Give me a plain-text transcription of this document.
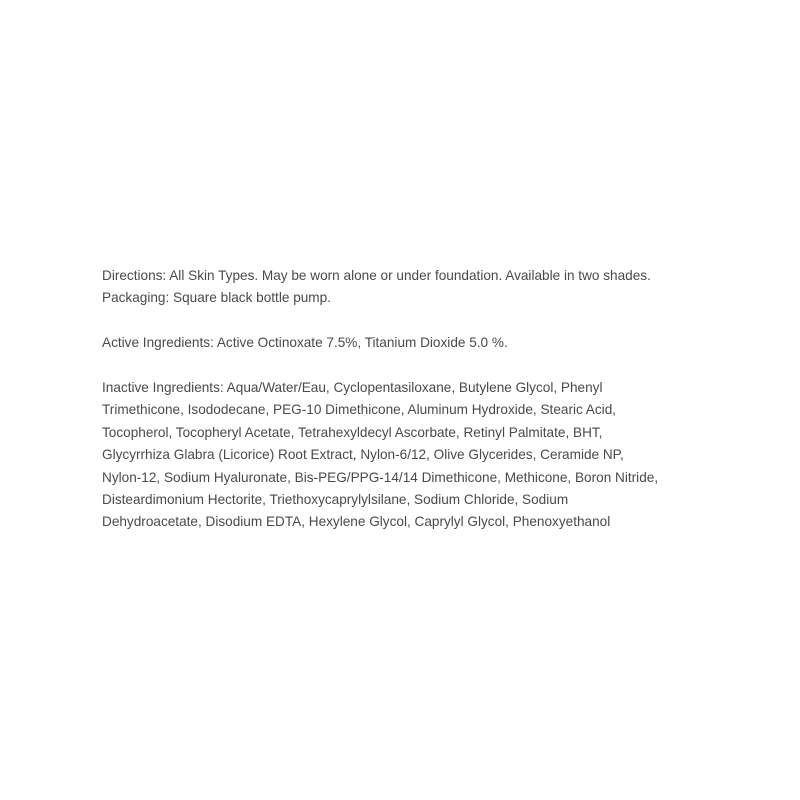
Directions: All Skin Types. May be worn alone or under foundation. Available in two shades.
Packaging: Square black bottle pump.
Active Ingredients: Active Octinoxate 7.5%, Titanium Dioxide 5.0 %.
Inactive Ingredients: Aqua/Water/Eau, Cyclopentasiloxane, Butylene Glycol, Phenyl
Trimethicone, Isododecane, PEG-10 Dimethicone, Aluminum Hydroxide, Stearic Acid,
Tocopherol, Tocopheryl Acetate, Tetrahexyldecyl Ascorbate, Retinyl Palmitate, BHT,
Glycyrrhiza Glabra (Licorice) Root Extract, Nylon-6/12, Olive Glycerides, Ceramide NP,
Nylon-12, Sodium Hyaluronate, Bis-PEG/PPG-14/14 Dimethicone, Methicone, Boron Nitride,
Disteardimonium Hectorite, Triethoxycaprylylsilane, Sodium Chloride, Sodium
Dehydroacetate, Disodium EDTA, Hexylene Glycol, Caprylyl Glycol, Phenoxyethanol
